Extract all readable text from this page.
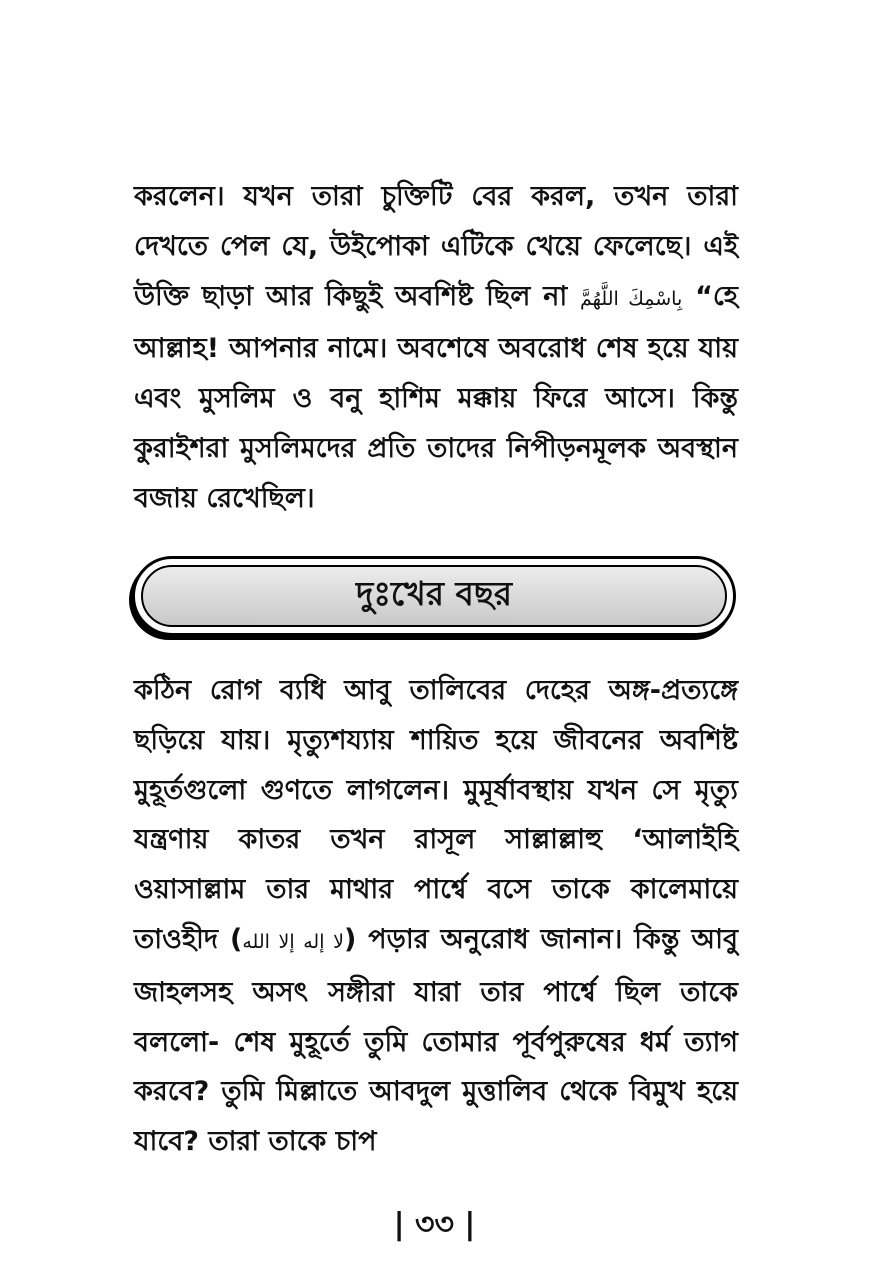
করলেন। যখন তারা চুক্তিটি বের করল, তখন তারা দেখতে পেল যে, উইপোকা এটিকে খেয়ে ফেলেছে। এই উক্তি ছাড়া আর কিছুই অবশিষ্ট ছিল না بِاسْمِكَ اللَّهُمَّ “হে আল্লাহ! আপনার নামে। অবশেষে অবরোধ শেষ হয়ে যায় এবং মুসলিম ও বনু হাশিম মক্কায় ফিরে আসে। কিন্তু কুরাইশরা মুসলিমদের প্রতি তাদের নিপীড়নমূলক অবস্থান বজায় রেখেছিল।

দুঃখের বছর

কঠিন রোগ ব্যধি আবু তালিবের দেহের অঙ্গ-প্রত্যঙ্গে ছড়িয়ে যায়। মৃত্যুশয্যায় শায়িত হয়ে জীবনের অবশিষ্ট মুহূর্তগুলো গুণতে লাগলেন। মুমূর্ষাবস্থায় যখন সে মৃত্যু যন্ত্রণায় কাতর তখন রাসূল সাল্লাল্লাহু ‘আলাইহি ওয়াসাল্লাম তার মাথার পার্শ্বে বসে তাকে কালেমায়ে তাওহীদ (لا إله إلا الله) পড়ার অনুরোধ জানান। কিন্তু আবু জাহলসহ অসৎ সঙ্গীরা যারা তার পার্শ্বে ছিল তাকে বললো- শেষ মুহূর্তে তুমি তোমার পূর্বপুরুষের ধর্ম ত্যাগ করবে? তুমি মিল্লাতে আবদুল মুত্তালিব থেকে বিমুখ হয়ে যাবে? তারা তাকে চাপ

| ৩৩ |
